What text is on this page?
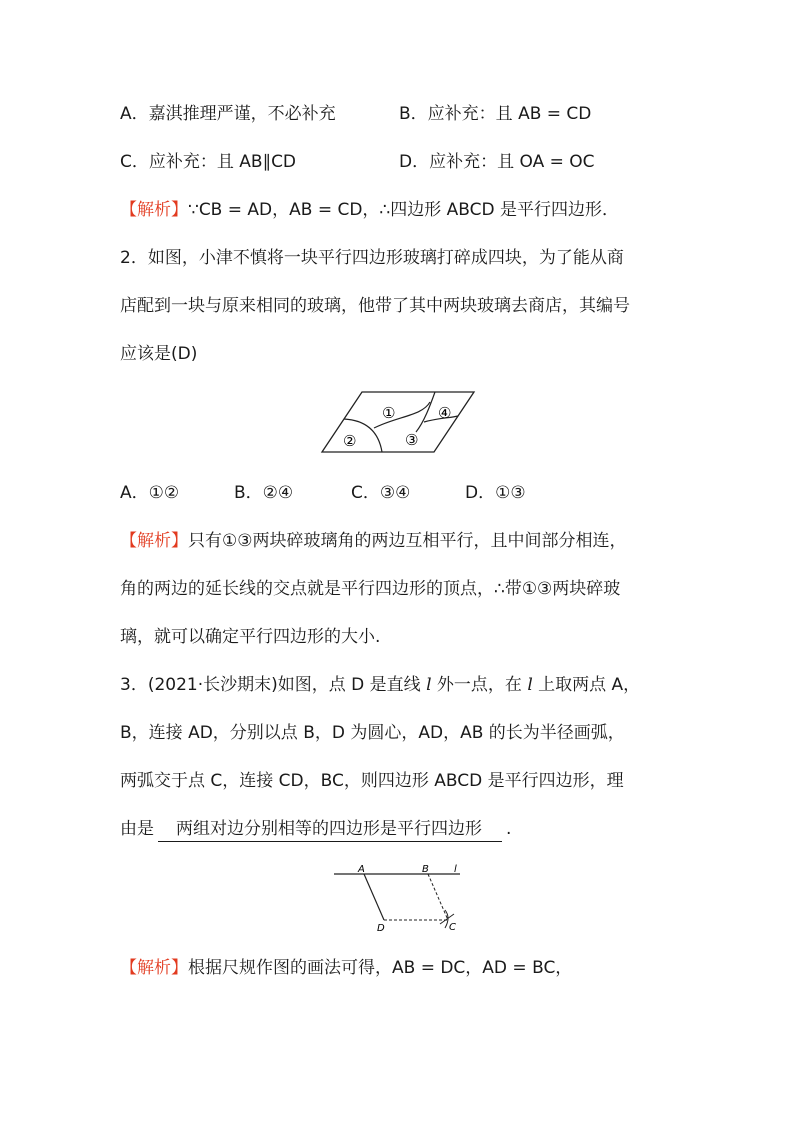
A．嘉淇推理严谨，不必补充	B．应补充：且 AB = CD
C．应补充：且 AB∥CD	D．应补充：且 OA = OC
【解析】∵CB = AD，AB = CD，∴四边形 ABCD 是平行四边形．
2．如图，小津不慎将一块平行四边形玻璃打碎成四块，为了能从商
店配到一块与原来相同的玻璃，他带了其中两块玻璃去商店，其编号
应该是(D)
①	④
②	③
A．①②	B．②④	C．③④	D．①③
【解析】只有①③两块碎玻璃角的两边互相平行，且中间部分相连，
角的两边的延长线的交点就是平行四边形的顶点，∴带①③两块碎玻
璃，就可以确定平行四边形的大小.
3．(2021·长沙期末)如图，点 D 是直线 l 外一点，在 l 上取两点 A，
B，连接 AD，分别以点 B，D 为圆心，AD，AB 的长为半径画弧，
两弧交于点 C，连接 CD，BC，则四边形 ABCD 是平行四边形，理
由是 两组对边分别相等的四边形是平行四边形 .
A	B	l
D	C
【解析】根据尺规作图的画法可得，AB = DC，AD = BC，
